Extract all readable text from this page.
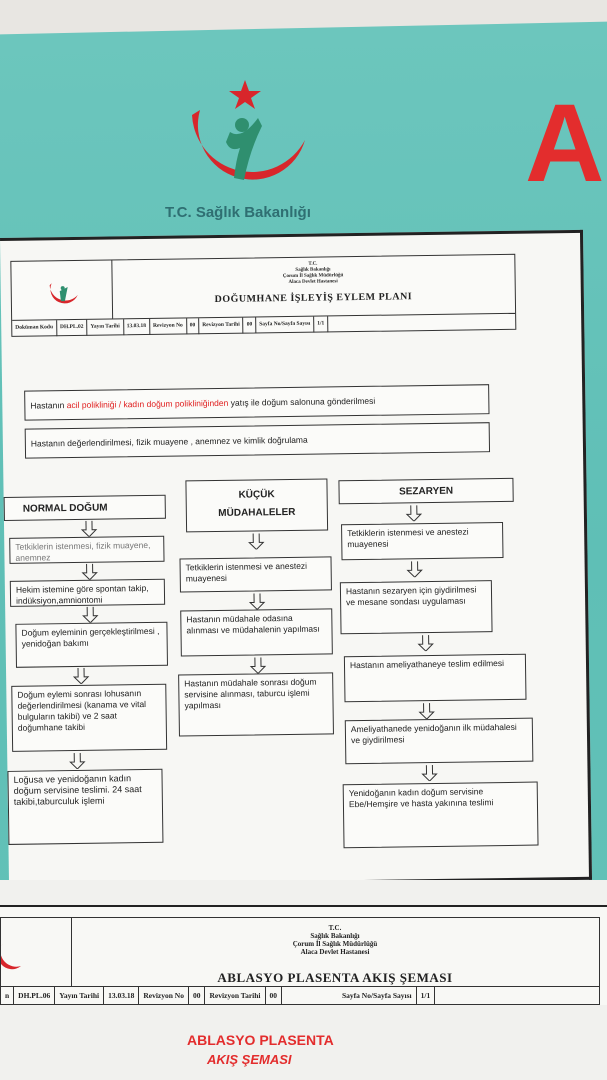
T.C. Sağlık Bakanlığı
A
T.C.
Sağlık Bakanlığı
Çorum İl Sağlık Müdürlüğü
Alaca Devlet Hastanesi
DOĞUMHANE İŞLEYİŞ EYLEM PLANI
Doküman Kodu	DH.PL.02	Yayın Tarihi	13.03.18	Revizyon No	00	Revizyon Tarihi	00	Sayfa No/Sayfa Sayısı	1/1
Hastanın acil polikliniği / kadın doğum polikliniğinden yatış ile doğum salonuna gönderilmesi
Hastanın değerlendirilmesi, fizik muayene , anemnez ve kimlik doğrulama
NORMAL DOĞUM
Tetkiklerin istenmesi, fizik muayene, anemnez
Hekim istemine göre spontan takip, indüksiyon,amniontomi
Doğum eyleminin gerçekleştirilmesi , yenidoğan bakımı
Doğum eylemi sonrası lohusanın değerlendirilmesi (kanama ve vital bulguların takibi) ve 2 saat doğumhane takibi
Loğusa ve yenidoğanın kadın doğum servisine teslimi. 24 saat takibi,taburculuk işlemi
KÜÇÜK
MÜDAHALELER
Tetkiklerin istenmesi ve anestezi muayenesi
Hastanın müdahale odasına alınması ve müdahalenin yapılması
Hastanın müdahale sonrası doğum servisine alınması, taburcu işlemi yapılması
SEZARYEN
Tetkiklerin istenmesi ve anestezi muayenesi
Hastanın sezaryen için giydirilmesi ve mesane sondası uygulaması
Hastanın ameliyathaneye teslim edilmesi
Ameliyathanede yenidoğanın ilk müdahalesi ve giydirilmesi
Yenidoğanın kadın doğum servisine Ebe/Hemşire ve hasta yakınına teslimi
T.C.
Sağlık Bakanlığı
Çorum İl Sağlık Müdürlüğü
Alaca Devlet Hastanesi
ABLASYO PLASENTA AKIŞ ŞEMASI
n	DH.PL.06	Yayın Tarihi	13.03.18	Revizyon No	00	Revizyon Tarihi	00	Sayfa No/Sayfa Sayısı	1/1
ABLASYO PLASENTA
AKIŞ ŞEMASI
